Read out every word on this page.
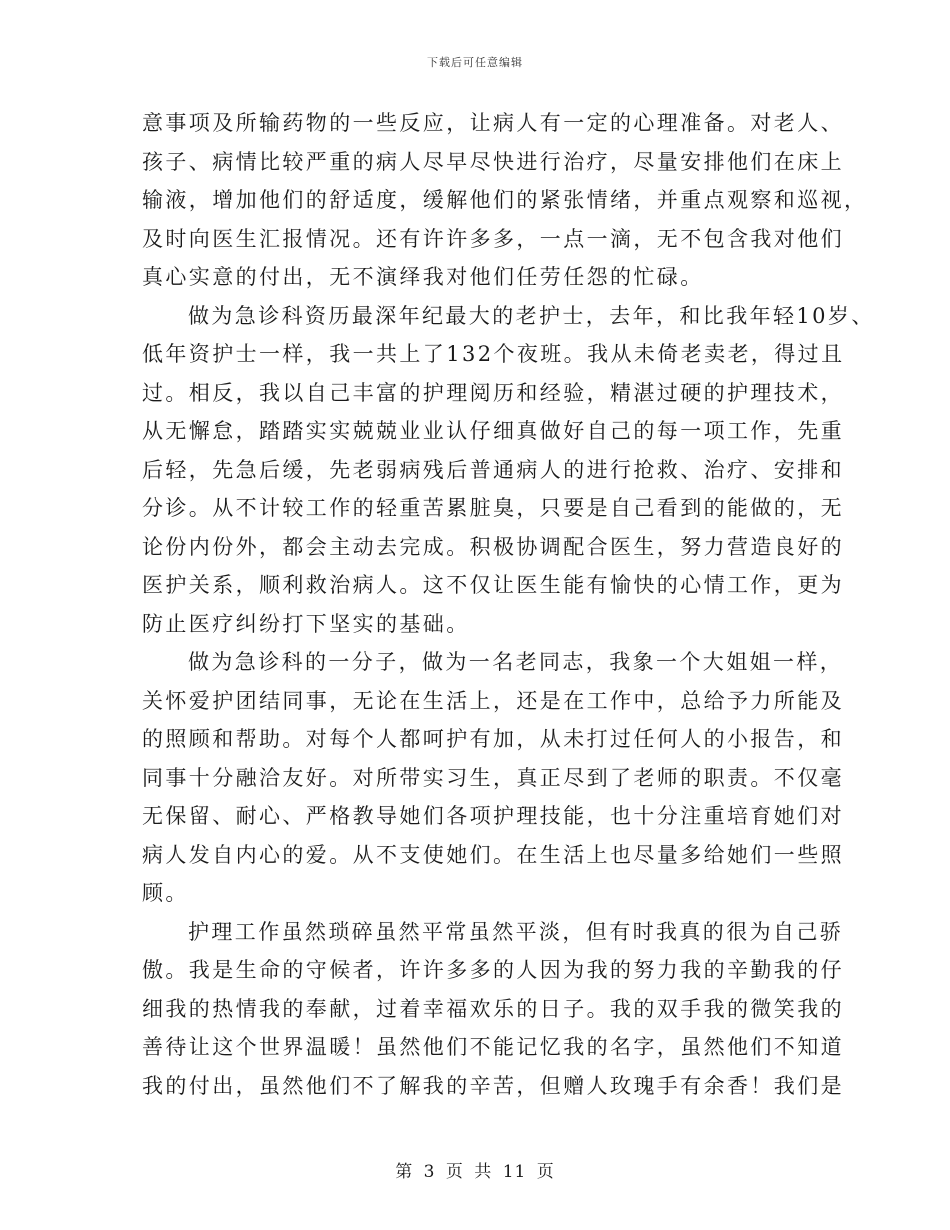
下载后可任意编辑
意事项及所输药物的一些反应，让病人有一定的心理准备。对老人、
孩子、病情比较严重的病人尽早尽快进行治疗，尽量安排他们在床上
输液，增加他们的舒适度，缓解他们的紧张情绪，并重点观察和巡视，
及时向医生汇报情况。还有许许多多，一点一滴，无不包含我对他们
真心实意的付出，无不演绎我对他们任劳任怨的忙碌。
做为急诊科资历最深年纪最大的老护士，去年，和比我年轻10岁、
低年资护士一样，我一共上了132个夜班。我从未倚老卖老，得过且
过。相反，我以自己丰富的护理阅历和经验，精湛过硬的护理技术，
从无懈怠，踏踏实实兢兢业业认仔细真做好自己的每一项工作，先重
后轻，先急后缓，先老弱病残后普通病人的进行抢救、治疗、安排和
分诊。从不计较工作的轻重苦累脏臭，只要是自己看到的能做的，无
论份内份外，都会主动去完成。积极协调配合医生，努力营造良好的
医护关系，顺利救治病人。这不仅让医生能有愉快的心情工作，更为
防止医疗纠纷打下坚实的基础。
做为急诊科的一分子，做为一名老同志，我象一个大姐姐一样，
关怀爱护团结同事，无论在生活上，还是在工作中，总给予力所能及
的照顾和帮助。对每个人都呵护有加，从未打过任何人的小报告，和
同事十分融洽友好。对所带实习生，真正尽到了老师的职责。不仅毫
无保留、耐心、严格教导她们各项护理技能，也十分注重培育她们对
病人发自内心的爱。从不支使她们。在生活上也尽量多给她们一些照
顾。
护理工作虽然琐碎虽然平常虽然平淡，但有时我真的很为自己骄
傲。我是生命的守候者，许许多多的人因为我的努力我的辛勤我的仔
细我的热情我的奉献，过着幸福欢乐的日子。我的双手我的微笑我的
善待让这个世界温暖！虽然他们不能记忆我的名字，虽然他们不知道
我的付出，虽然他们不了解我的辛苦，但赠人玫瑰手有余香！我们是
第 3 页 共 11 页
